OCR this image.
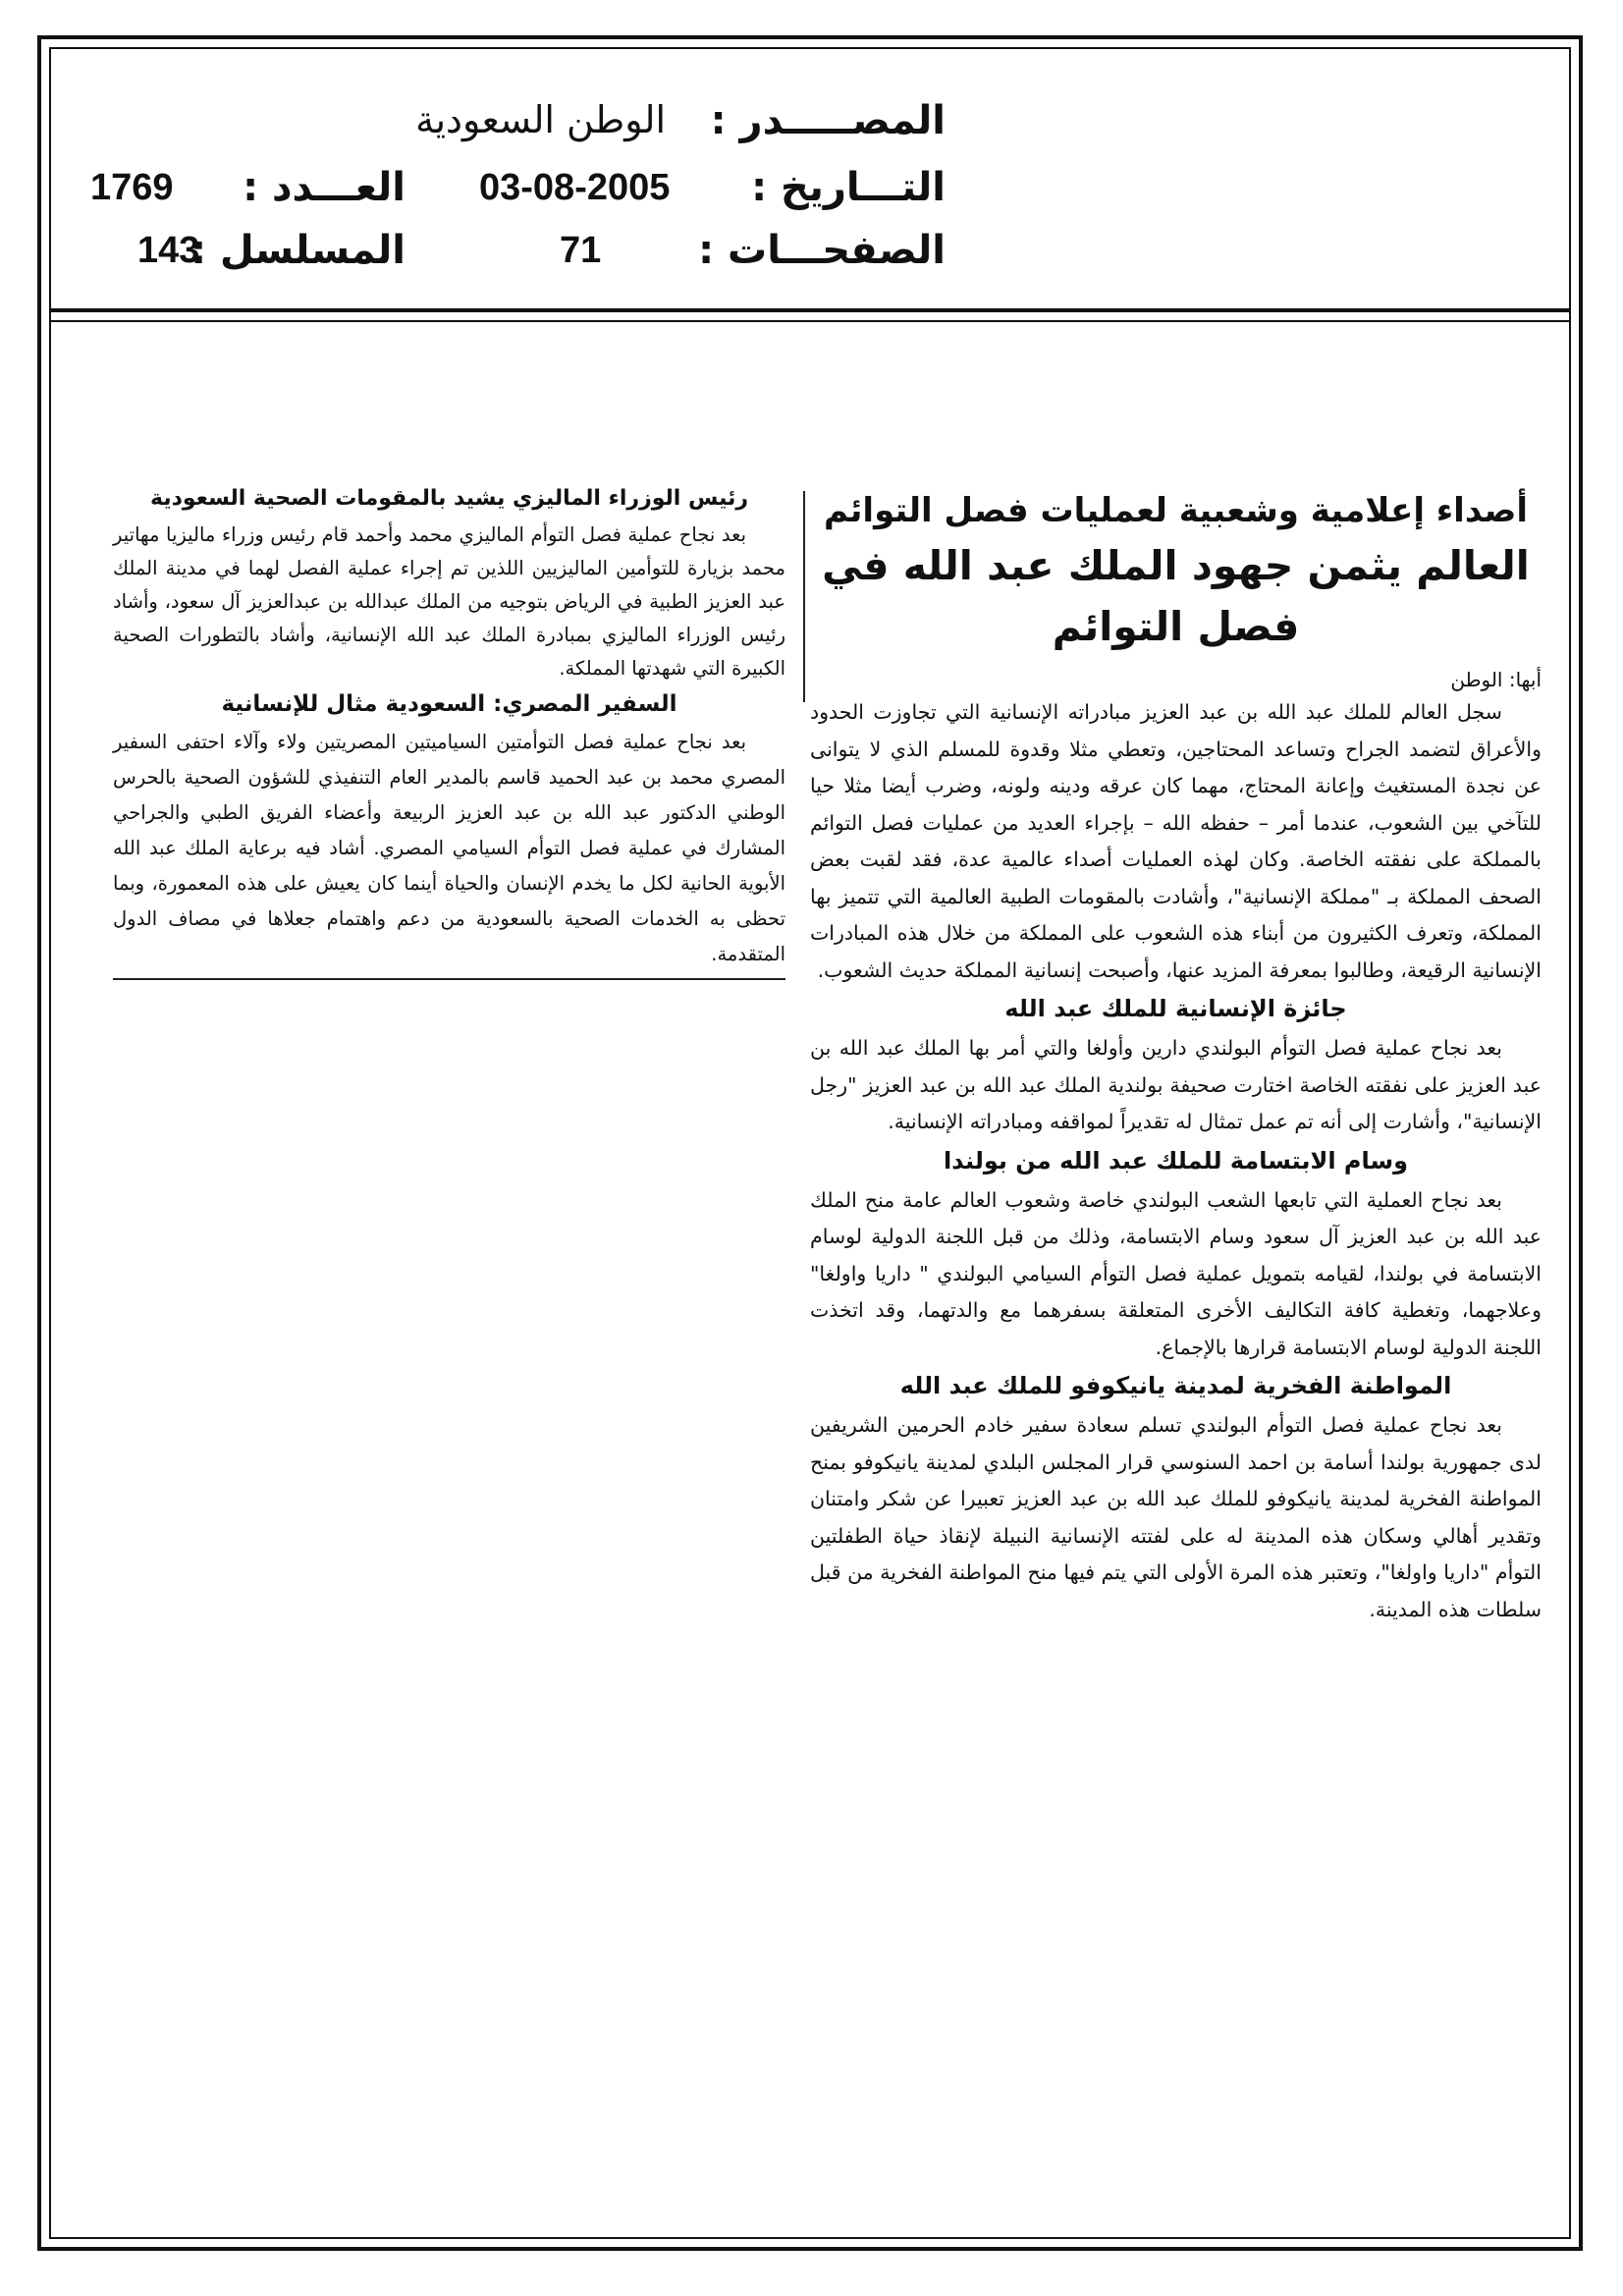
المصـــــدر :
الوطن السعودية
التـــاريخ :
03-08-2005
العـــدد :
1769
الصفحـــات :
71
المسلسل :
143
أصداء إعلامية وشعبية لعمليات فصل التوائم
العالم يثمن جهود الملك عبد الله في فصل التوائم
أبها: الوطن

سجل العالم للملك عبد الله بن عبد العزيز مبادراته الإنسانية التي تجاوزت الحدود والأعراق لتضمد الجراح وتساعد المحتاجين، وتعطي مثلا وقدوة للمسلم الذي لا يتوانى عن نجدة المستغيث وإعانة المحتاج، مهما كان عرقه ودينه ولونه، وضرب أيضا مثلا حيا للتآخي بين الشعوب، عندما أمر – حفظه الله – بإجراء العديد من عمليات فصل التوائم بالمملكة على نفقته الخاصة. وكان لهذه العمليات أصداء عالمية عدة، فقد لقبت بعض الصحف المملكة بـ "مملكة الإنسانية"، وأشادت بالمقومات الطبية العالمية التي تتميز بها المملكة، وتعرف الكثيرون من أبناء هذه الشعوب على المملكة من خلال هذه المبادرات الإنسانية الرقيعة، وطالبوا بمعرفة المزيد عنها، وأصبحت إنسانية المملكة حديث الشعوب.

جائزة الإنسانية للملك عبد الله

بعد نجاح عملية فصل التوأم البولندي دارين وأولغا والتي أمر بها الملك عبد الله بن عبد العزيز على نفقته الخاصة اختارت صحيفة بولندية الملك عبد الله بن عبد العزيز "رجل الإنسانية"، وأشارت إلى أنه تم عمل تمثال له تقديراً لمواقفه ومبادراته الإنسانية.

وسام الابتسامة للملك عبد الله من بولندا

بعد نجاح العملية التي تابعها الشعب البولندي خاصة وشعوب العالم عامة منح الملك عبد الله بن عبد العزيز آل سعود وسام الابتسامة، وذلك من قبل اللجنة الدولية لوسام الابتسامة في بولندا، لقيامه بتمويل عملية فصل التوأم السيامي البولندي " داريا واولغا" وعلاجهما، وتغطية كافة التكاليف الأخرى المتعلقة بسفرهما مع والدتهما، وقد اتخذت اللجنة الدولية لوسام الابتسامة قرارها بالإجماع.

المواطنة الفخرية لمدينة يانيكوفو للملك عبد الله

بعد نجاح عملية فصل التوأم البولندي تسلم سعادة سفير خادم الحرمين الشريفين لدى جمهورية بولندا أسامة بن احمد السنوسي قرار المجلس البلدي لمدينة يانيكوفو بمنح المواطنة الفخرية لمدينة يانيكوفو للملك عبد الله بن عبد العزيز تعبيرا عن شكر وامتنان وتقدير أهالي وسكان هذه المدينة له على لفتته الإنسانية النبيلة لإنقاذ حياة الطفلتين التوأم "داريا واولغا"، وتعتبر هذه المرة الأولى التي يتم فيها منح المواطنة الفخرية من قبل سلطات هذه المدينة.

رئيس الوزراء الماليزي يشيد بالمقومات الصحية السعودية

بعد نجاح عملية فصل التوأم الماليزي محمد وأحمد قام رئيس وزراء ماليزيا مهاتير محمد بزيارة للتوأمين الماليزيين اللذين تم إجراء عملية الفصل لهما في مدينة الملك عبد العزيز الطبية في الرياض بتوجيه من الملك عبدالله بن عبدالعزيز آل سعود، وأشاد رئيس الوزراء الماليزي بمبادرة الملك عبد الله الإنسانية، وأشاد بالتطورات الصحية الكبيرة التي شهدتها المملكة.

السفير المصري: السعودية مثال للإنسانية

بعد نجاح عملية فصل التوأمتين السياميتين المصريتين ولاء وآلاء احتفى السفير المصري محمد بن عبد الحميد قاسم بالمدير العام التنفيذي للشؤون الصحية بالحرس الوطني الدكتور عبد الله بن عبد العزيز الربيعة وأعضاء الفريق الطبي والجراحي المشارك في عملية فصل التوأم السيامي المصري. أشاد فيه برعاية الملك عبد الله الأبوية الحانية لكل ما يخدم الإنسان والحياة أينما كان يعيش على هذه المعمورة، وبما تحظى به الخدمات الصحية بالسعودية من دعم واهتمام جعلاها في مصاف الدول المتقدمة.
